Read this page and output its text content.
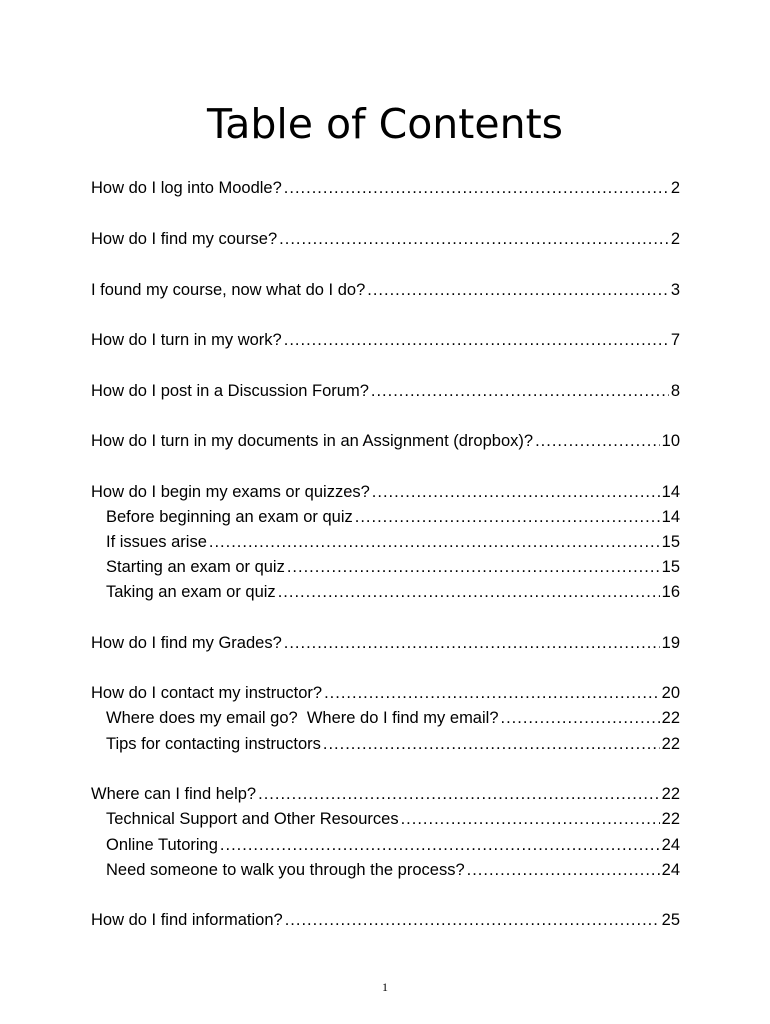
Table of Contents
How do I log into Moodle? .....	2
How do I find my course? .....	2
I found my course, now what do I do? .....	3
How do I turn in my work? .....	7
How do I post in a Discussion Forum? .....	8
How do I turn in my documents in an Assignment (dropbox)? .....	10
How do I begin my exams or quizzes? .....	14
Before beginning an exam or quiz .....	14
If issues arise .....	15
Starting an exam or quiz .....	15
Taking an exam or quiz .....	16
How do I find my Grades? .....	19
How do I contact my instructor? .....	20
Where does my email go?  Where do I find my email? .....	22
Tips for contacting instructors .....	22
Where can I find help? .....	22
Technical Support and Other Resources .....	22
Online Tutoring .....	24
Need someone to walk you through the process? .....	24
How do I find information? .....	25
1
